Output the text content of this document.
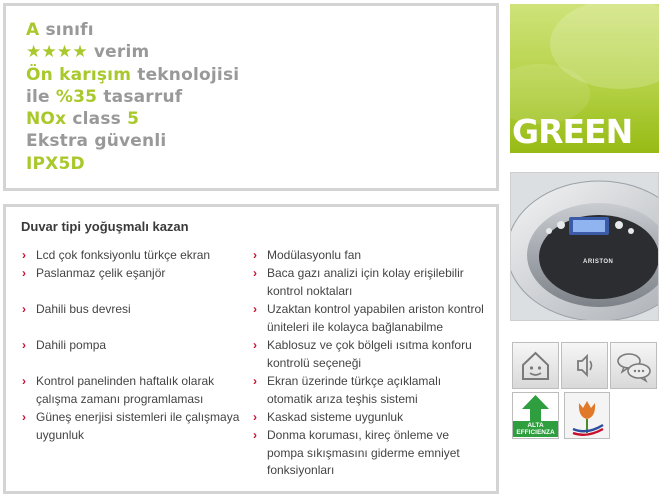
A sınıfı
★★★★ verim
Ön karışım teknolojisi
ile %35 tasarruf
NOx class 5
Ekstra güvenli
IPX5D
Duvar tipi yoğuşmalı kazan
› Lcd çok fonksiyonlu türkçe ekran
› Paslanmaz çelik eşanjör
› Dahili bus devresi
› Dahili pompa
› Kontrol panelinden haftalık olarak çalışma zamanı programlaması
› Güneş enerjisi sistemleri ile çalışmaya uygunluk
› Modülasyonlu fan
› Baca gazı analizi için kolay erişilebilir kontrol noktaları
› Uzaktan kontrol yapabilen ariston kontrol üniteleri ile kolayca bağlanabilme
› Kablosuz ve çok bölgeli ısıtma konforu kontrolü seçeneği
› Ekran üzerinde türkçe açıklamalı otomatik arıza teşhis sistemi
› Kaskad sisteme uygunluk
› Donma koruması, kireç önleme ve pompa sıkışmasını giderme emniyet fonksiyonları
GREEN
ARISTON
ALTA EFFICIENZA
